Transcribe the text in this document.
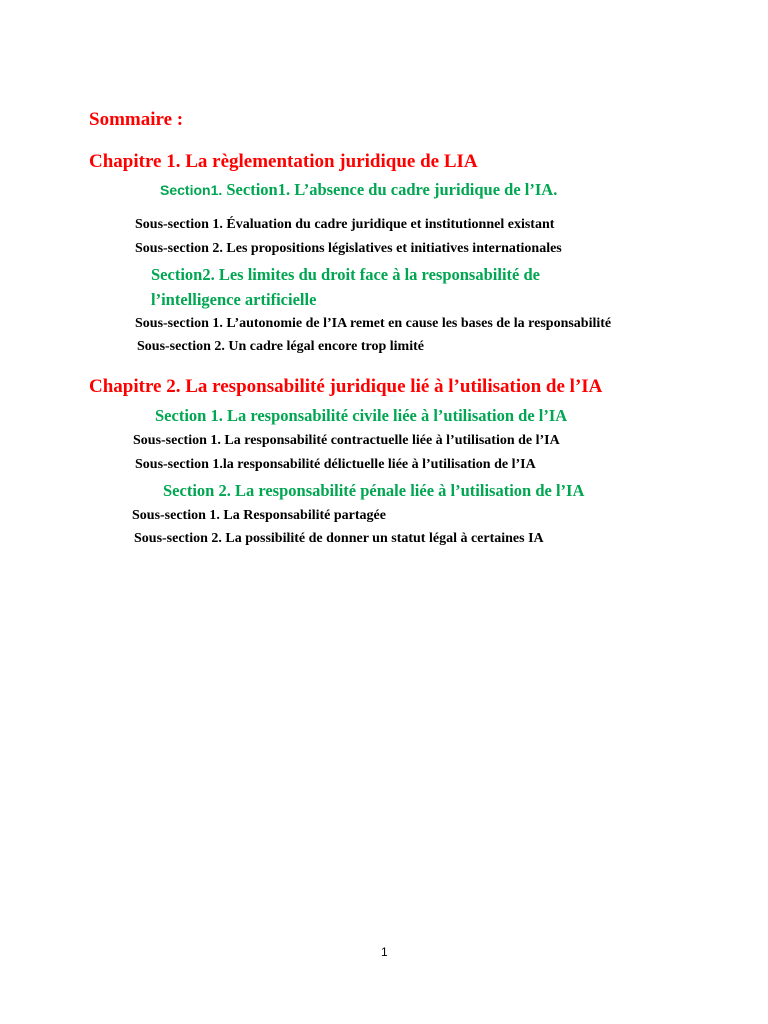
Sommaire :

Chapitre 1. La règlementation juridique de LIA

Section1. Section1. L’absence du cadre juridique de l’IA.

Sous-section 1. Évaluation du cadre juridique et institutionnel existant

Sous-section 2. Les propositions législatives et initiatives internationales

Section2. Les limites du droit face à la responsabilité de

l’intelligence artificielle

Sous-section 1. L’autonomie de l’IA remet en cause les bases de la responsabilité

Sous-section 2. Un cadre légal encore trop limité

Chapitre 2. La responsabilité juridique lié à l’utilisation de l’IA

Section 1. La responsabilité civile liée à l’utilisation de l’IA

Sous-section 1. La responsabilité contractuelle liée à l’utilisation de l’IA

Sous-section 1.la responsabilité délictuelle liée à l’utilisation de l’IA

Section 2. La responsabilité pénale liée à l’utilisation de l’IA

Sous-section 1. La Responsabilité partagée

Sous-section 2. La possibilité de donner un statut légal à certaines IA

1
